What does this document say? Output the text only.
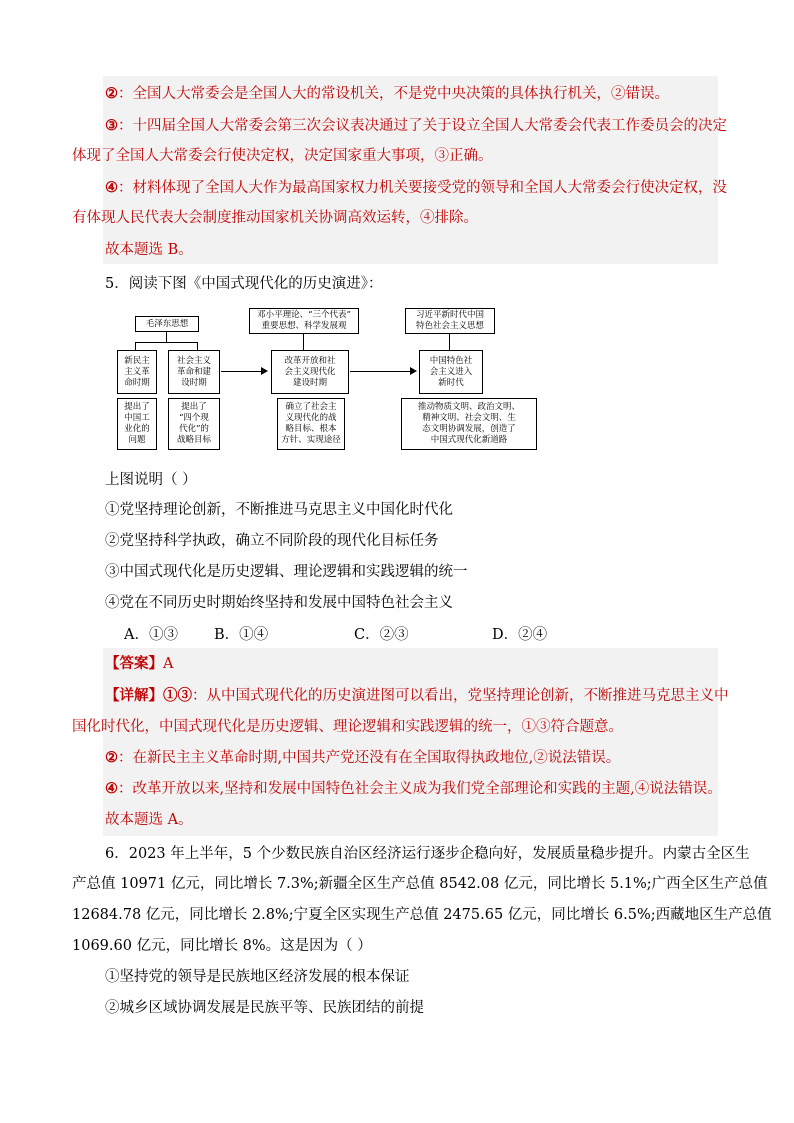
②：全国人大常委会是全国人大的常设机关，不是党中央决策的具体执行机关，②错误。
③：十四届全国人大常委会第三次会议表决通过了关于设立全国人大常委会代表工作委员会的决定
体现了全国人大常委会行使决定权，决定国家重大事项，③正确。
④：材料体现了全国人大作为最高国家权力机关要接受党的领导和全国人大常委会行使决定权，没
有体现人民代表大会制度推动国家机关协调高效运转，④排除。
故本题选 B。
5．阅读下图《中国式现代化的历史演进》：
毛泽东思想
新民主
主义革
命时期
社会主义
革命和建
设时期
提出了
中国工
业化的
问题
提出了
“四个现
代化”的
战略目标
邓小平理论、“三个代表”
重要思想、科学发展观
改革开放和社
会主义现代化
建设时期
确立了社会主
义现代化的战
略目标、根本
方针、实现途径
习近平新时代中国
特色社会主义思想
中国特色社
会主义进入
新时代
推动物质文明、政治文明、
精神文明、社会文明、生
态文明协调发展，创造了
中国式现代化新道路
上图说明（ ）
①党坚持理论创新，不断推进马克思主义中国化时代化
②党坚持科学执政，确立不同阶段的现代化目标任务
③中国式现代化是历史逻辑、理论逻辑和实践逻辑的统一
④党在不同历史时期始终坚持和发展中国特色社会主义
A．①③ B．①④	C．②③	D．②④
【答案】A
【详解】①③：从中国式现代化的历史演进图可以看出，党坚持理论创新，不断推进马克思主义中
国化时代化，中国式现代化是历史逻辑、理论逻辑和实践逻辑的统一，①③符合题意。
②：在新民主主义革命时期,中国共产党还没有在全国取得执政地位,②说法错误。
④：改革开放以来,坚持和发展中国特色社会主义成为我们党全部理论和实践的主题,④说法错误。
故本题选 A。
6．2023 年上半年，5 个少数民族自治区经济运行逐步企稳向好，发展质量稳步提升。内蒙古全区生
产总值 10971 亿元，同比增长 7.3%;新疆全区生产总值 8542.08 亿元，同比增长 5.1%;广西全区生产总值
12684.78 亿元，同比增长 2.8%;宁夏全区实现生产总值 2475.65 亿元，同比增长 6.5%;西藏地区生产总值
1069.60 亿元，同比增长 8%。这是因为（ ）
①坚持党的领导是民族地区经济发展的根本保证
②城乡区域协调发展是民族平等、民族团结的前提
